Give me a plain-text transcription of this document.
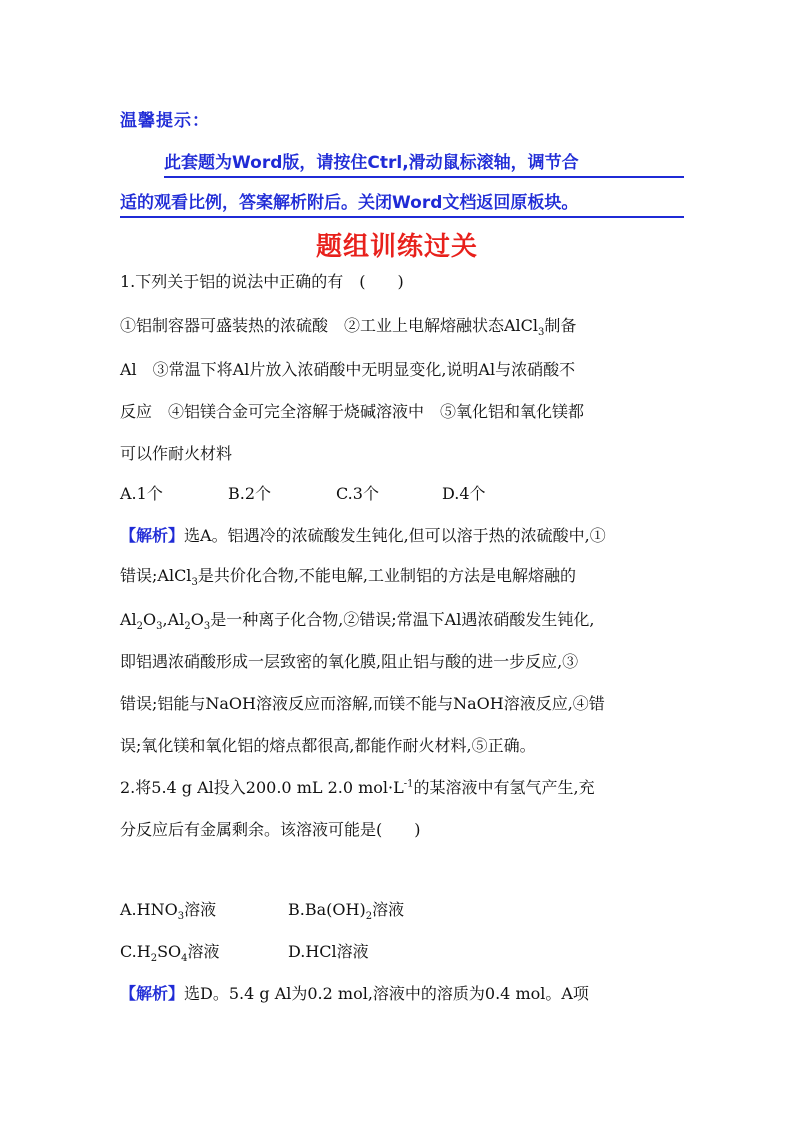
温馨提示：
此套题为Word版，请按住Ctrl,滑动鼠标滚轴，调节合
适的观看比例，答案解析附后。关闭Word文档返回原板块。
题组训练过关
1.下列关于铝的说法中正确的有　(　　)
①铝制容器可盛装热的浓硫酸　②工业上电解熔融状态AlCl$_3$制备
Al　③常温下将Al片放入浓硝酸中无明显变化,说明Al与浓硝酸不
反应　④铝镁合金可完全溶解于烧碱溶液中　⑤氧化铝和氧化镁都
可以作耐火材料
A.1个	B.2个	C.3个	D.4个
【解析】选A。铝遇冷的浓硫酸发生钝化,但可以溶于热的浓硫酸中,①
错误;AlCl$_3$是共价化合物,不能电解,工业制铝的方法是电解熔融的
$Al_2O_3,Al_2O_3$是一种离子化合物,②错误;常温下Al遇浓硝酸发生钝化,
即铝遇浓硝酸形成一层致密的氧化膜,阻止铝与酸的进一步反应,③
错误;铝能与NaOH溶液反应而溶解,而镁不能与NaOH溶液反应,④错
误;氧化镁和氧化铝的熔点都很高,都能作耐火材料,⑤正确。
2.将5.4 g Al投入200.0 mL 2.0 $mol\cdot L^{-1}$的某溶液中有氢气产生,充
分反应后有金属剩余。该溶液可能是(　　)
$A.HNO_3$溶液	$B.Ba(OH)_2$溶液
$C.H_2SO_4$溶液	D.HCl溶液
【解析】选D。5.4 g Al为0.2 mol,溶液中的溶质为0.4 mol。A项
